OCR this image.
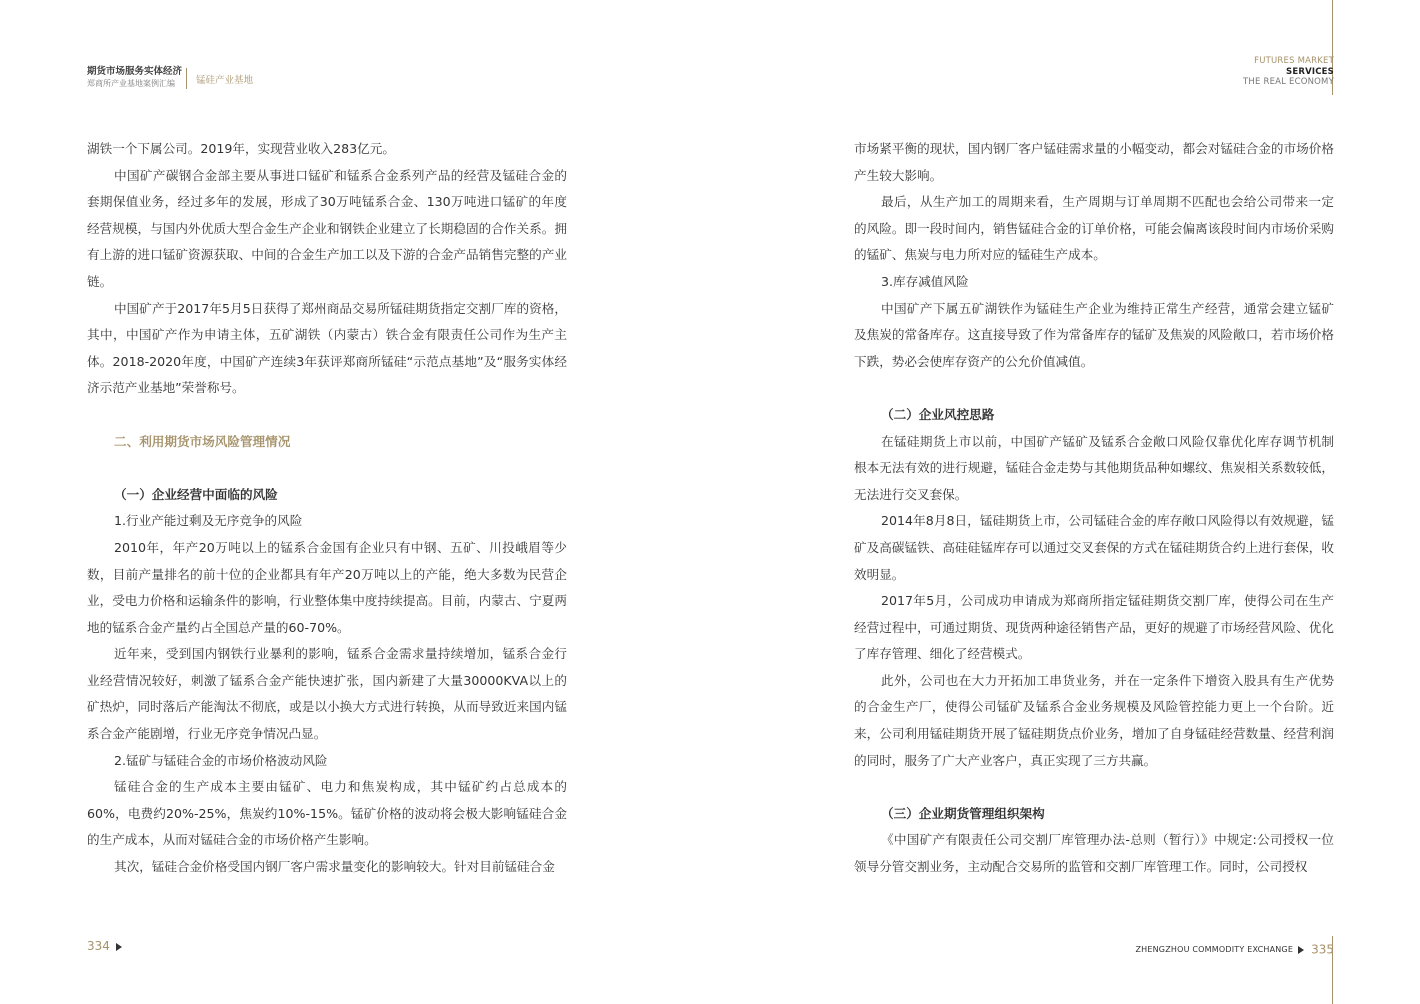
期货市场服务实体经济
郑商所产业基地案例汇编	锰硅产业基地

湖铁一个下属公司。2019年，实现营业收入283亿元。

中国矿产碳钢合金部主要从事进口锰矿和锰系合金系列产品的经营及锰硅合金的套期保值业务，经过多年的发展，形成了30万吨锰系合金、130万吨进口锰矿的年度经营规模，与国内外优质大型合金生产企业和钢铁企业建立了长期稳固的合作关系。拥有上游的进口锰矿资源获取、中间的合金生产加工以及下游的合金产品销售完整的产业链。

中国矿产于2017年5月5日获得了郑州商品交易所锰硅期货指定交割厂库的资格，其中，中国矿产作为申请主体，五矿湖铁（内蒙古）铁合金有限责任公司作为生产主体。2018-2020年度，中国矿产连续3年获评郑商所锰硅“示范点基地”及“服务实体经济示范产业基地”荣誉称号。

二、利用期货市场风险管理情况

（一）企业经营中面临的风险

1.行业产能过剩及无序竞争的风险

2010年，年产20万吨以上的锰系合金国有企业只有中钢、五矿、川投峨眉等少数，目前产量排名的前十位的企业都具有年产20万吨以上的产能，绝大多数为民营企业，受电力价格和运输条件的影响，行业整体集中度持续提高。目前，内蒙古、宁夏两地的锰系合金产量约占全国总产量的60-70%。

近年来，受到国内钢铁行业暴利的影响，锰系合金需求量持续增加，锰系合金行业经营情况较好，刺激了锰系合金产能快速扩张，国内新建了大量30000KVA以上的矿热炉，同时落后产能淘汰不彻底，或是以小换大方式进行转换，从而导致近来国内锰系合金产能剧增，行业无序竞争情况凸显。

2.锰矿与锰硅合金的市场价格波动风险

锰硅合金的生产成本主要由锰矿、电力和焦炭构成，其中锰矿约占总成本的60%，电费约20%-25%，焦炭约10%-15%。锰矿价格的波动将会极大影响锰硅合金的生产成本，从而对锰硅合金的市场价格产生影响。

其次，锰硅合金价格受国内钢厂客户需求量变化的影响较大。针对目前锰硅合金

334
FUTURES MARKET
SERVICES
THE REAL ECONOMY

市场紧平衡的现状，国内钢厂客户锰硅需求量的小幅变动，都会对锰硅合金的市场价格产生较大影响。

最后，从生产加工的周期来看，生产周期与订单周期不匹配也会给公司带来一定的风险。即一段时间内，销售锰硅合金的订单价格，可能会偏离该段时间内市场价采购的锰矿、焦炭与电力所对应的锰硅生产成本。

3.库存减值风险

中国矿产下属五矿湖铁作为锰硅生产企业为维持正常生产经营，通常会建立锰矿及焦炭的常备库存。这直接导致了作为常备库存的锰矿及焦炭的风险敞口，若市场价格下跌，势必会使库存资产的公允价值减值。

（二）企业风控思路

在锰硅期货上市以前，中国矿产锰矿及锰系合金敞口风险仅靠优化库存调节机制根本无法有效的进行规避，锰硅合金走势与其他期货品种如螺纹、焦炭相关系数较低，无法进行交叉套保。

2014年8月8日，锰硅期货上市，公司锰硅合金的库存敞口风险得以有效规避，锰矿及高碳锰铁、高硅硅锰库存可以通过交叉套保的方式在锰硅期货合约上进行套保，收效明显。

2017年5月，公司成功申请成为郑商所指定锰硅期货交割厂库，使得公司在生产经营过程中，可通过期货、现货两种途径销售产品，更好的规避了市场经营风险、优化了库存管理、细化了经营模式。

此外，公司也在大力开拓加工串货业务，并在一定条件下增资入股具有生产优势的合金生产厂，使得公司锰矿及锰系合金业务规模及风险管控能力更上一个台阶。近来，公司利用锰硅期货开展了锰硅期货点价业务，增加了自身锰硅经营数量、经营利润的同时，服务了广大产业客户，真正实现了三方共赢。

（三）企业期货管理组织架构

《中国矿产有限责任公司交割厂库管理办法-总则（暂行）》中规定:公司授权一位领导分管交割业务，主动配合交易所的监管和交割厂库管理工作。同时，公司授权

ZHENGZHOU COMMODITY EXCHANGE 335
